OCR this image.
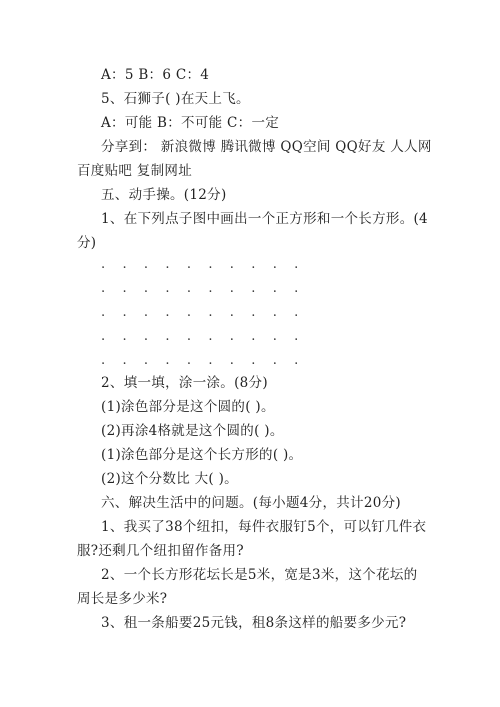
A：5 B：6 C：4
5、石狮子( )在天上飞。
A：可能 B：不可能 C：一定
分享到： 新浪微博 腾讯微博 QQ空间 QQ好友 人人网
百度贴吧 复制网址
五、动手操。(12分)
1、在下列点子图中画出一个正方形和一个长方形。(4
分)
. . . . . . . . . .
. . . . . . . . . .
. . . . . . . . . .
. . . . . . . . . .
. . . . . . . . . .
2、填一填，涂一涂。(8分)
(1)涂色部分是这个圆的( )。
(2)再涂4格就是这个圆的( )。
(1)涂色部分是这个长方形的( )。
(2)这个分数比 大( )。
六、解决生活中的问题。(每小题4分，共计20分)
1、我买了38个纽扣，每件衣服钉5个，可以钉几件衣
服?还剩几个纽扣留作备用?
2、一个长方形花坛长是5米，宽是3米，这个花坛的
周长是多少米?
3、租一条船要25元钱，租8条这样的船要多少元?
